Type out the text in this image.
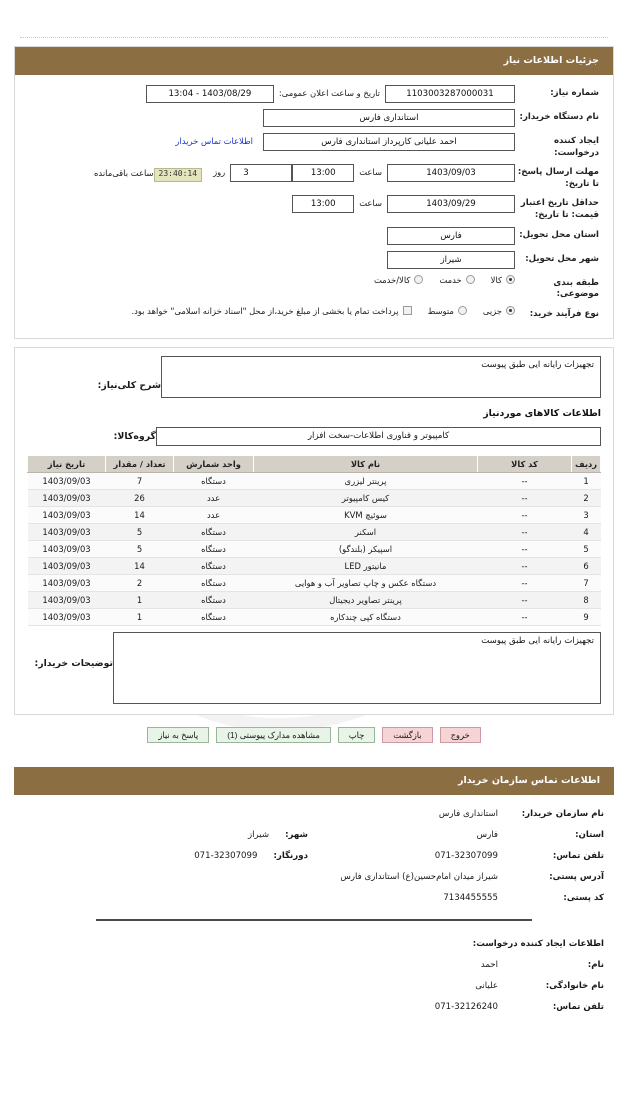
جزئیات اطلاعات نیاز
شماره نیاز:
1103003287000031
تاریخ و ساعت اعلان عمومی:
1403/08/29 - 13:04
نام دستگاه خریدار:
استانداری فارس
ایجاد کننده درخواست:
احمد علیانی کارپرداز استانداری فارس
اطلاعات تماس خریدار
مهلت ارسال پاسخ: تا تاریخ:
1403/09/03
ساعت
13:00
3
روز
23:40:14
ساعت باقی‌مانده
حداقل تاریخ اعتبار قیمت: تا تاریخ:
1403/09/29
ساعت
13:00
استان محل تحویل:
فارس
شهر محل تحویل:
شیراز
طبقه بندی موضوعی:
کالا
خدمت
کالا/خدمت
نوع فرآیند خرید:
جزیی
متوسط
پرداخت تمام یا بخشی از مبلغ خرید،از محل "اسناد خزانه اسلامی" خواهد بود.
تجهیزات رایانه ایی طبق پیوست
شرح کلی‌نیاز:
اطلاعات کالاهای موردنیاز
کامپیوتر و فناوری اطلاعات-سخت افزار
گروه‌کالا:
ردیف	کد کالا	نام کالا	واحد شمارش	تعداد / مقدار	تاریخ نیاز
1	--	پرینتر لیزری	دستگاه	7	1403/09/03
2	--	کیس کامپیوتر	عدد	26	1403/09/03
3	--	سوئیچ KVM	عدد	14	1403/09/03
4	--	اسکنر	دستگاه	5	1403/09/03
5	--	اسپیکر (بلندگو)	دستگاه	5	1403/09/03
6	--	مانیتور LED	دستگاه	14	1403/09/03
7	--	دستگاه عکس و چاپ تصاویر آب و هوایی	دستگاه	2	1403/09/03
8	--	پرینتر تصاویر دیجیتال	دستگاه	1	1403/09/03
9	--	دستگاه کپی چندکاره	دستگاه	1	1403/09/03
تجهیزات رایانه ایی طبق پیوست
توضیحات خریدار:
خروج
بازگشت
چاپ
مشاهده مدارک پیوستی (1)
پاسخ به نیاز
اطلاعات تماس سازمان خریدار
نام سازمان خریدار:
استانداری فارس
استان:
فارس
شهر:
شیراز
تلفن تماس:
071-32307099
دورنگار:
071-32307099
آدرس پستی:
شیراز میدان امام‌حسین(ع) استانداری فارس
کد پستی:
7134455555
اطلاعات ایجاد کننده درخواست:
نام:
احمد
نام خانوادگی:
علیانی
تلفن تماس:
071-32126240
